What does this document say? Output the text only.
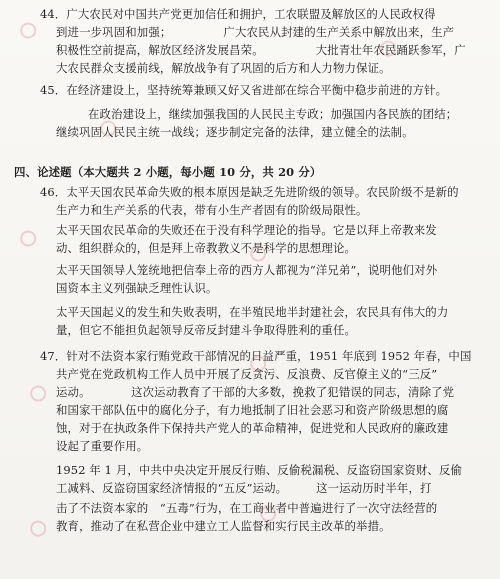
44．广大农民对中国共产党更加信任和拥护，工农联盟及解放区的人民政权得
到进一步巩固和加强；　　　　　广大农民从封建的生产关系中解放出来，生产
积极性空前提高，解放区经济发展昌荣。　　　　　大批青壮年农民踊跃参军，广
大农民群众支援前线，解放战争有了巩固的后方和人力物力保证。
45．在经济建设上，坚持统筹兼顾又好又省进部在综合平衡中稳步前进的方针。
在政治建设上，继续加强我国的人民民主专政；加强国内各民族的团结；
继续巩固人民民主统一战线；逐步制定完备的法律，建立健全的法制。
四、论述题（本大题共 2 小题，每小题 10 分，共 20 分）
46．太平天国农民革命失败的根本原因是缺乏先进阶级的领导。农民阶级不是新的
生产力和生产关系的代表，带有小生产者固有的阶级局限性。
太平天国农民革命的失败还在于没有科学理论的指导。它是以拜上帝教来发
动、组织群众的，但是拜上帝教教义不是科学的思想理论。
太平天国领导人笼统地把信奉上帝的西方人都视为“洋兄弟”，说明他们对外
国资本主义列强缺乏理性认识。
太平天国起义的发生和失败表明，在半殖民地半封建社会，农民具有伟大的力
量，但它不能担负起领导反帝反封建斗争取得胜利的重任。
47．针对不法资本家行贿党政干部情况的日益严重，1951 年底到 1952 年春，中国
共产党在党政机构工作人员中开展了反贪污、反浪费、反官僚主义的“三反”
运动。　　　　这次运动教育了干部的大多数，挽救了犯错误的同志，清除了党
和国家干部队伍中的腐化分子，有力地抵制了旧社会恶习和资产阶级思想的腐
蚀，对于在执政条件下保持共产党人的革命精神，促进党和人民政府的廉政建
设起了重要作用。
1952 年 1 月，中共中央决定开展反行贿、反偷税漏税、反盗窃国家资财、反偷
工减料、反盗窃国家经济情报的“五反”运动。　　　这一运动历时半年，打
击了不法资本家的　“五毒”行为，在工商业者中普遍进行了一次守法经营的
教育，推动了在私营企业中建立工人监督和实行民主改革的举措。
